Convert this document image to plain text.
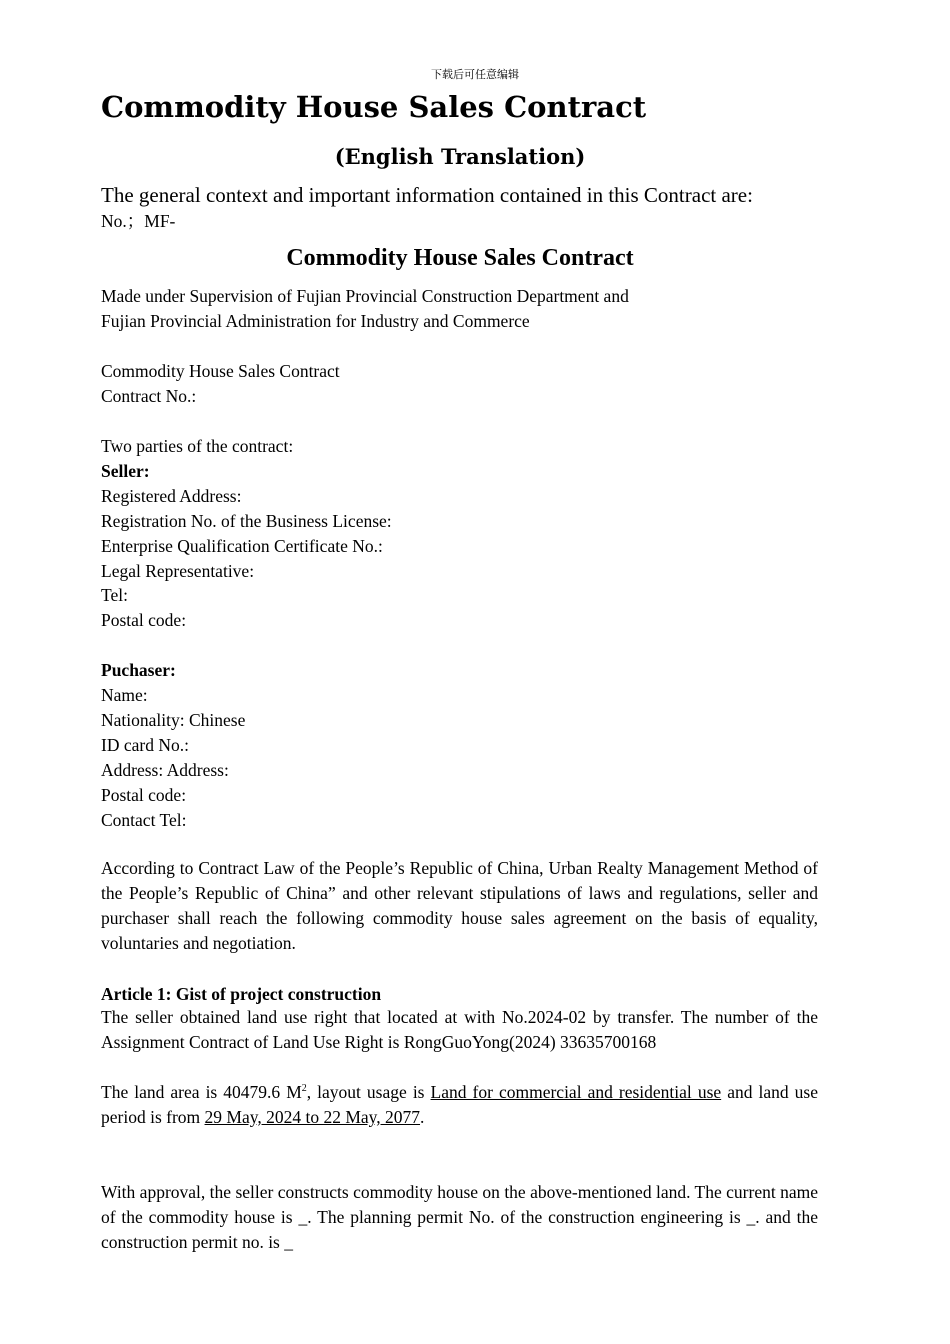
下载后可任意编辑
Commodity House Sales Contract
(English Translation)
The general context and important information contained in this Contract are:
No.；MF-
Commodity House Sales Contract
Made under Supervision of Fujian Provincial Construction Department and
Fujian Provincial Administration for Industry and Commerce
Commodity House Sales Contract
Contract No.:
Two parties of the contract:
Seller:
Registered Address:
Registration No. of the Business License:
Enterprise Qualification Certificate No.:
Legal Representative:
Tel:
Postal code:
Puchaser:
Name:
Nationality: Chinese
ID card No.:
Address: Address:
Postal code:
Contact Tel:
According to Contract Law of the People’s Republic of China, Urban Realty Management Method of the People’s Republic of China” and other relevant stipulations of laws and regulations, seller and purchaser shall reach the following commodity house sales agreement on the basis of equality, voluntaries and negotiation.
Article 1: Gist of project construction
The seller obtained land use right that located at with No.2024-02 by transfer. The number of the Assignment Contract of Land Use Right is RongGuoYong(2024) 33635700168
The land area is 40479.6 $M^2$, layout usage is Land for commercial and residential use and land use period is from 29 May, 2024 to 22 May, 2077.
With approval, the seller constructs commodity house on the above-mentioned land. The current name of the commodity house is _. The planning permit No. of the construction engineering is _. and the construction permit no. is _
